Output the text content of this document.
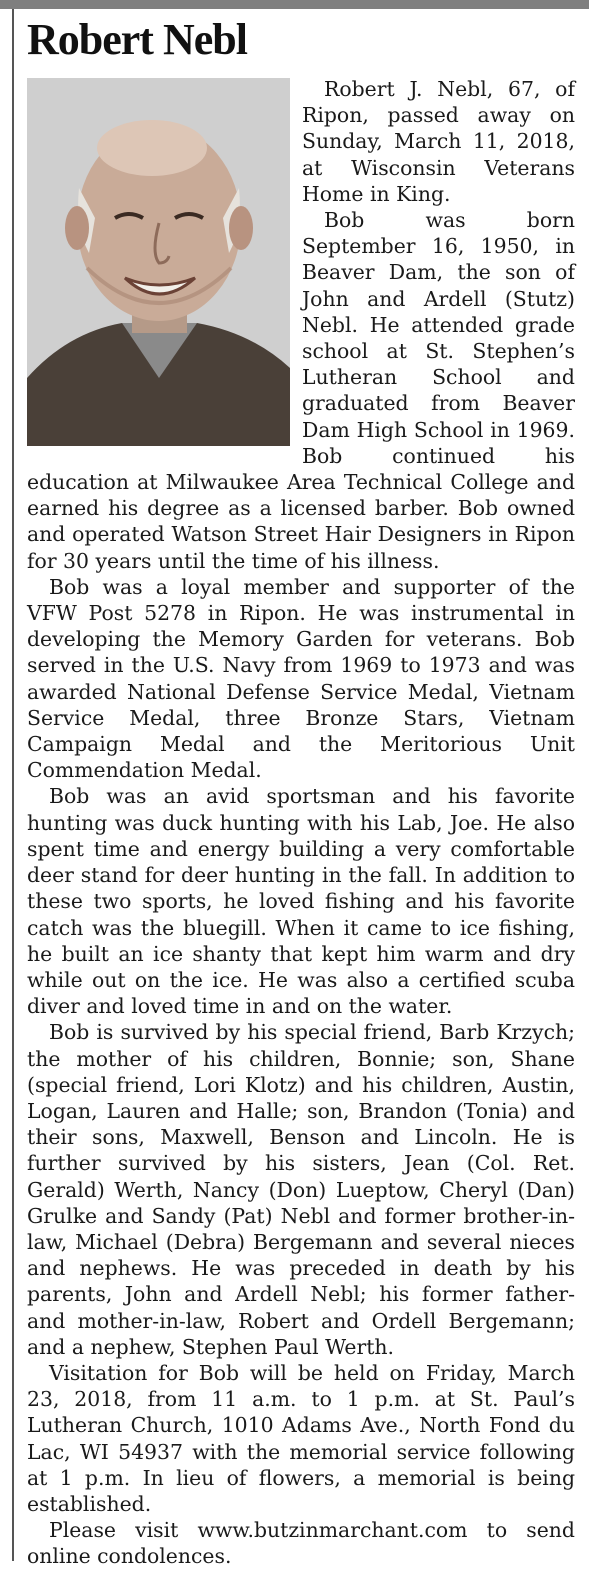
Robert Nebl

Robert J. Nebl, 67, of Ripon, passed away on Sunday, March 11, 2018, at Wisconsin Veterans Home in King.

Bob was born September 16, 1950, in Beaver Dam, the son of John and Ardell (Stutz) Nebl. He attended grade school at St. Stephen’s Lutheran School and graduated from Beaver Dam High School in 1969. Bob continued his education at Milwaukee Area Technical College and earned his degree as a licensed barber. Bob owned and operated Watson Street Hair Designers in Ripon for 30 years until the time of his illness.

Bob was a loyal member and supporter of the VFW Post 5278 in Ripon. He was instrumental in developing the Memory Garden for veterans. Bob served in the U.S. Navy from 1969 to 1973 and was awarded National Defense Service Medal, Vietnam Service Medal, three Bronze Stars, Vietnam Campaign Medal and the Meritorious Unit Commendation Medal.

Bob was an avid sportsman and his favorite hunting was duck hunting with his Lab, Joe. He also spent time and energy building a very comfortable deer stand for deer hunting in the fall. In addition to these two sports, he loved fishing and his favorite catch was the bluegill. When it came to ice fishing, he built an ice shanty that kept him warm and dry while out on the ice. He was also a certified scuba diver and loved time in and on the water.

Bob is survived by his special friend, Barb Krzych; the mother of his children, Bonnie; son, Shane (special friend, Lori Klotz) and his children, Austin, Logan, Lauren and Halle; son, Brandon (Tonia) and their sons, Maxwell, Benson and Lincoln. He is further survived by his sisters, Jean (Col. Ret. Gerald) Werth, Nancy (Don) Lueptow, Cheryl (Dan) Grulke and Sandy (Pat) Nebl and former brother-in-law, Michael (Debra) Bergemann and several nieces and nephews. He was preceded in death by his parents, John and Ardell Nebl; his former father- and mother-in-law, Robert and Ordell Bergemann; and a nephew, Stephen Paul Werth.

Visitation for Bob will be held on Friday, March 23, 2018, from 11 a.m. to 1 p.m. at St. Paul’s Lutheran Church, 1010 Adams Ave., North Fond du Lac, WI 54937 with the memorial service following at 1 p.m. In lieu of flowers, a memorial is being established.

Please visit www.butzinmarchant.com to send online condolences.
